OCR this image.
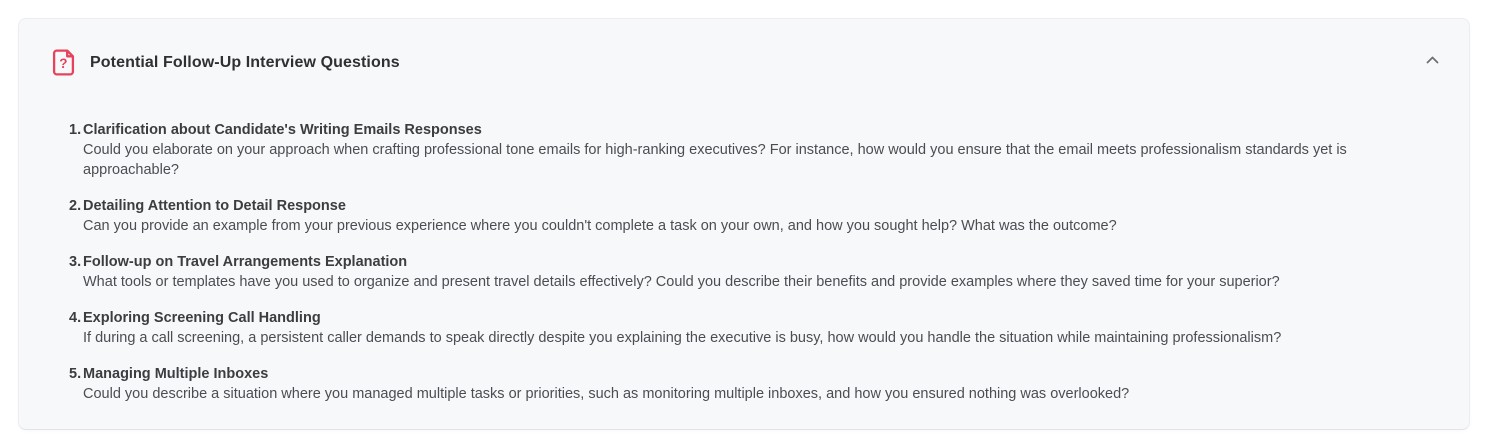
? Potential Follow-Up Interview Questions
1. Clarification about Candidate's Writing Emails Responses
Could you elaborate on your approach when crafting professional tone emails for high-ranking executives? For instance, how would you ensure that the email meets professionalism standards yet is approachable?
2. Detailing Attention to Detail Response
Can you provide an example from your previous experience where you couldn't complete a task on your own, and how you sought help? What was the outcome?
3. Follow-up on Travel Arrangements Explanation
What tools or templates have you used to organize and present travel details effectively? Could you describe their benefits and provide examples where they saved time for your superior?
4. Exploring Screening Call Handling
If during a call screening, a persistent caller demands to speak directly despite you explaining the executive is busy, how would you handle the situation while maintaining professionalism?
5. Managing Multiple Inboxes
Could you describe a situation where you managed multiple tasks or priorities, such as monitoring multiple inboxes, and how you ensured nothing was overlooked?
